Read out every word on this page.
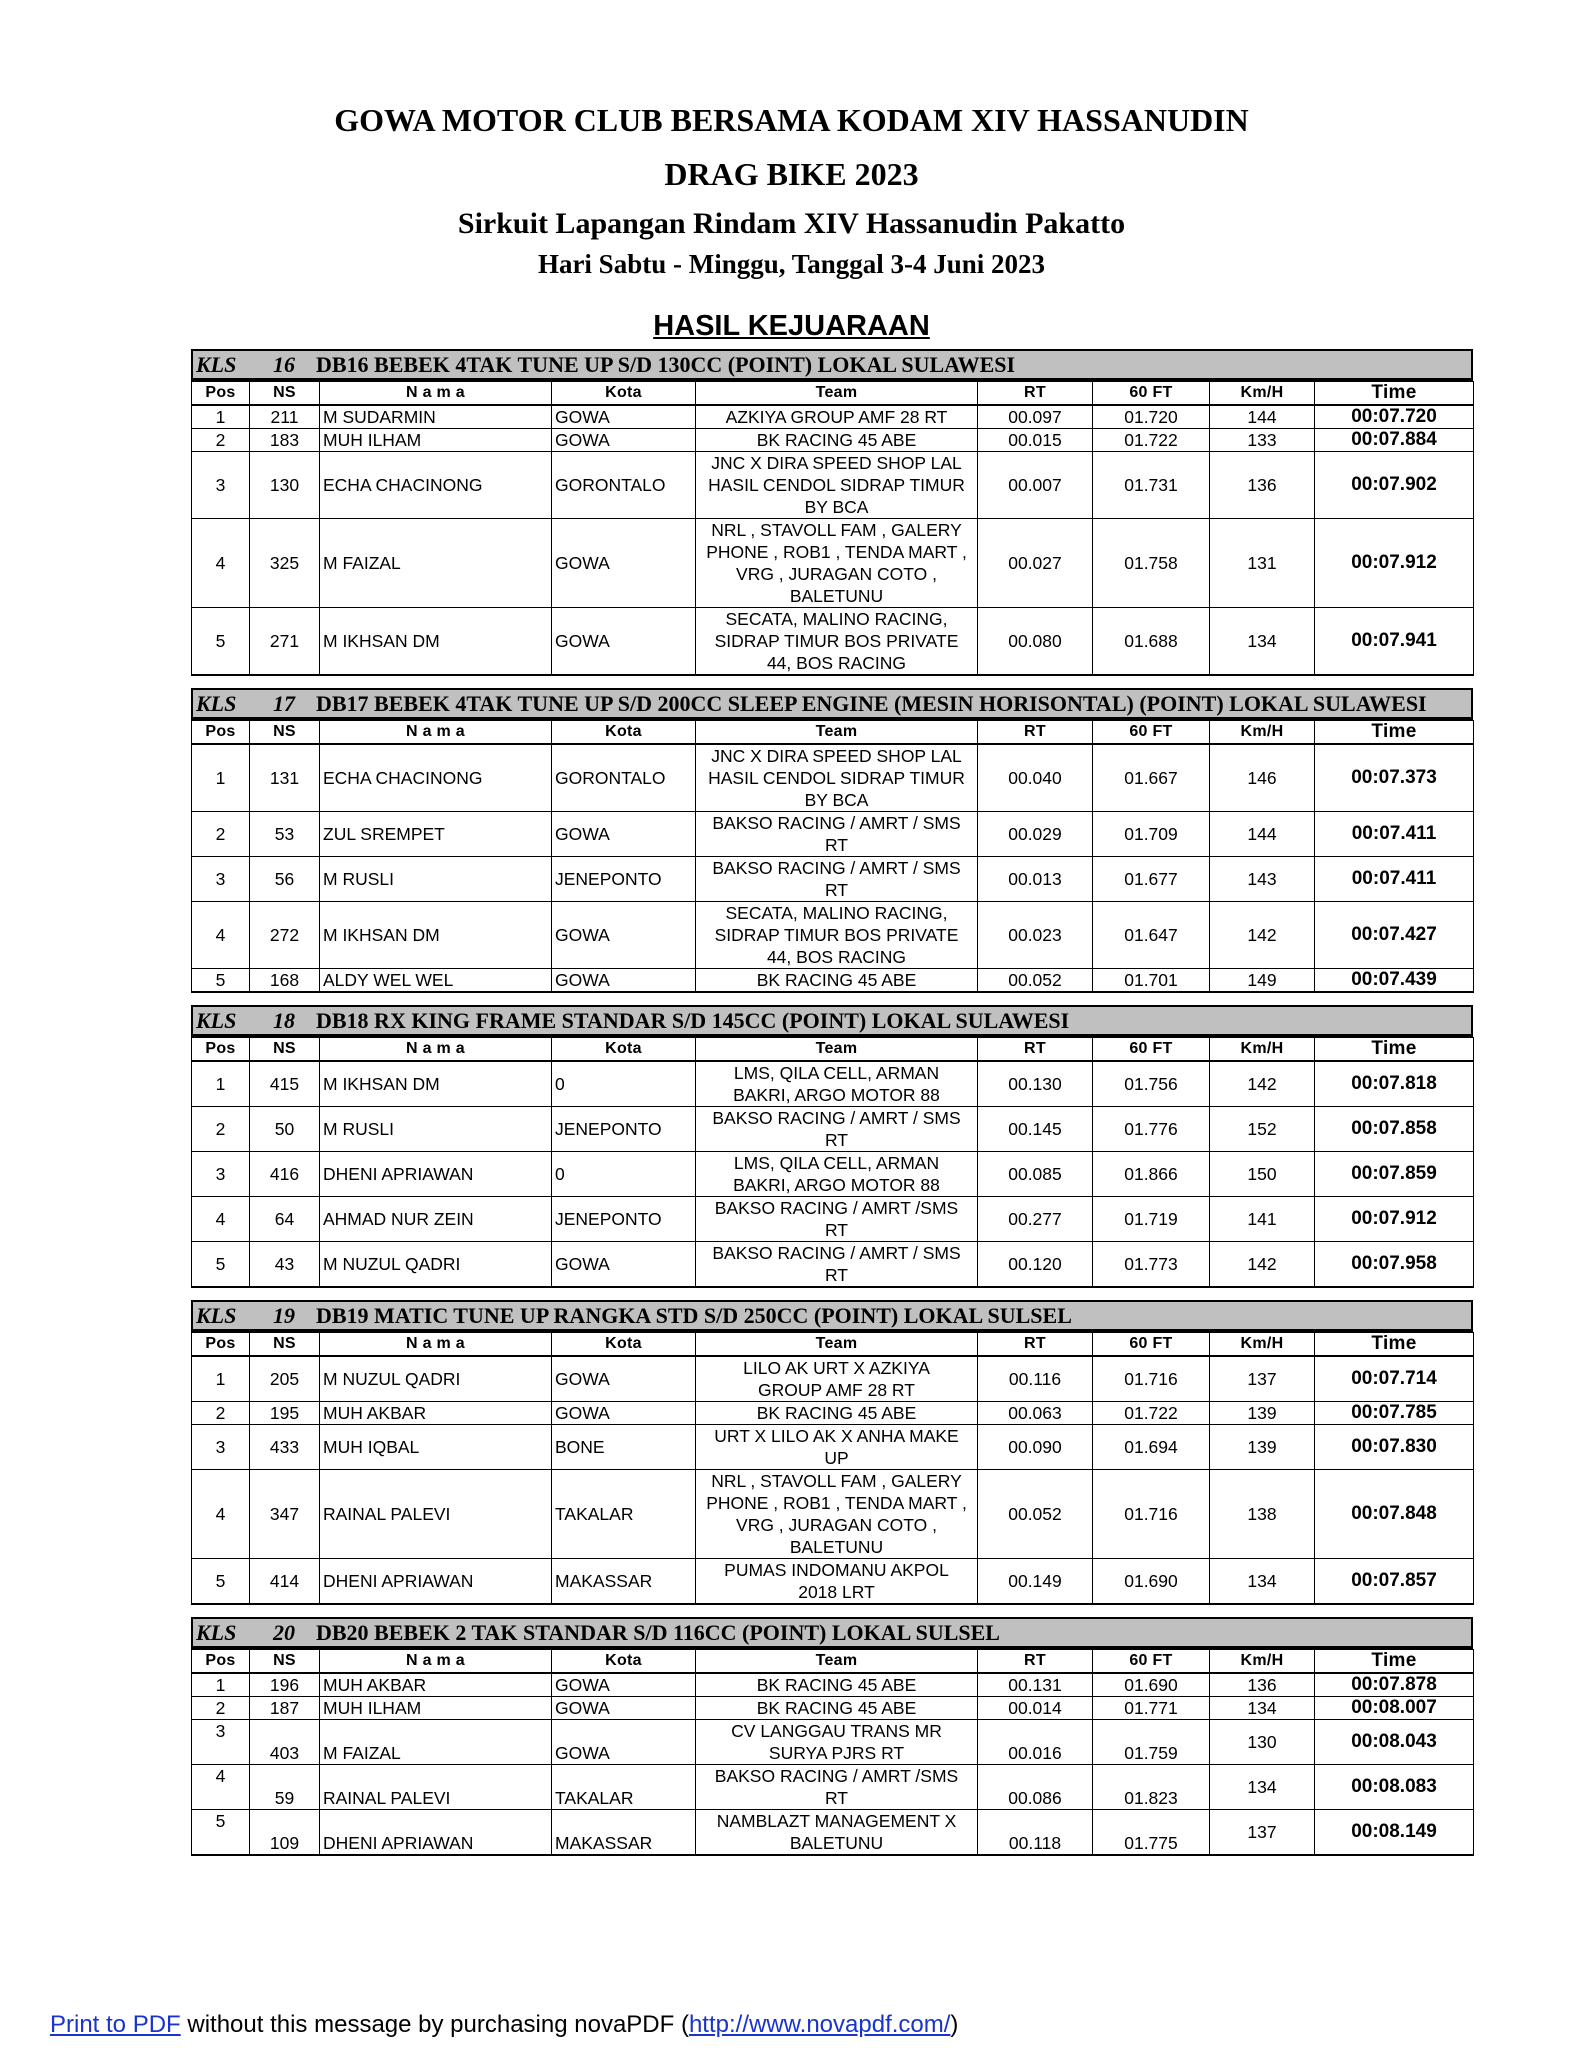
GOWA MOTOR CLUB BERSAMA KODAM XIV HASSANUDIN
DRAG BIKE 2023
Sirkuit Lapangan Rindam XIV Hassanudin Pakatto
Hari Sabtu - Minggu, Tanggal 3-4 Juni 2023
HASIL KEJUARAAN
KLS	16 DB16 BEBEK 4TAK TUNE UP S/D 130CC (POINT) LOKAL SULAWESI
Pos	NS	N a m a	Kota	Team	RT	60 FT	Km/H	Time
1	211	M SUDARMIN	GOWA	AZKIYA GROUP AMF 28 RT	00.097	01.720	144	00:07.720
2	183	MUH ILHAM	GOWA	BK RACING 45 ABE	00.015	01.722	133	00:07.884
3	130	ECHA CHACINONG	GORONTALO	JNC X DIRA SPEED SHOP LAL
HASIL CENDOL SIDRAP TIMUR
BY BCA	00.007	01.731	136	00:07.902
4	325	M FAIZAL	GOWA	NRL , STAVOLL FAM , GALERY
PHONE , ROB1 , TENDA MART ,
VRG , JURAGAN COTO ,
BALETUNU	00.027	01.758	131	00:07.912
5	271	M IKHSAN DM	GOWA	SECATA, MALINO RACING,
SIDRAP TIMUR BOS PRIVATE
44, BOS RACING	00.080	01.688	134	00:07.941
KLS	17 DB17 BEBEK 4TAK TUNE UP S/D 200CC SLEEP ENGINE (MESIN HORISONTAL) (POINT) LOKAL SULAWESI
Pos	NS	N a m a	Kota	Team	RT	60 FT	Km/H	Time
1	131	ECHA CHACINONG	GORONTALO	JNC X DIRA SPEED SHOP LAL
HASIL CENDOL SIDRAP TIMUR
BY BCA	00.040	01.667	146	00:07.373
2	53	ZUL SREMPET	GOWA	BAKSO RACING / AMRT / SMS
RT	00.029	01.709	144	00:07.411
3	56	M RUSLI	JENEPONTO	BAKSO RACING / AMRT / SMS
RT	00.013	01.677	143	00:07.411
4	272	M IKHSAN DM	GOWA	SECATA, MALINO RACING,
SIDRAP TIMUR BOS PRIVATE
44, BOS RACING	00.023	01.647	142	00:07.427
5	168	ALDY WEL WEL	GOWA	BK RACING 45 ABE	00.052	01.701	149	00:07.439
KLS	18 DB18 RX KING FRAME STANDAR S/D 145CC (POINT) LOKAL SULAWESI
Pos	NS	N a m a	Kota	Team	RT	60 FT	Km/H	Time
1	415	M IKHSAN DM	0	LMS, QILA CELL, ARMAN
BAKRI, ARGO MOTOR 88	00.130	01.756	142	00:07.818
2	50	M RUSLI	JENEPONTO	BAKSO RACING / AMRT / SMS
RT	00.145	01.776	152	00:07.858
3	416	DHENI APRIAWAN	0	LMS, QILA CELL, ARMAN
BAKRI, ARGO MOTOR 88	00.085	01.866	150	00:07.859
4	64	AHMAD NUR ZEIN	JENEPONTO	BAKSO RACING / AMRT /SMS
RT	00.277	01.719	141	00:07.912
5	43	M NUZUL QADRI	GOWA	BAKSO RACING / AMRT / SMS
RT	00.120	01.773	142	00:07.958
KLS	19 DB19 MATIC TUNE UP RANGKA STD S/D 250CC (POINT) LOKAL SULSEL
Pos	NS	N a m a	Kota	Team	RT	60 FT	Km/H	Time
1	205	M NUZUL QADRI	GOWA	LILO AK URT X AZKIYA
GROUP AMF 28 RT	00.116	01.716	137	00:07.714
2	195	MUH AKBAR	GOWA	BK RACING 45 ABE	00.063	01.722	139	00:07.785
3	433	MUH IQBAL	BONE	URT X LILO AK X ANHA MAKE
UP	00.090	01.694	139	00:07.830
4	347	RAINAL PALEVI	TAKALAR	NRL , STAVOLL FAM , GALERY
PHONE , ROB1 , TENDA MART ,
VRG , JURAGAN COTO ,
BALETUNU	00.052	01.716	138	00:07.848
5	414	DHENI APRIAWAN	MAKASSAR	PUMAS INDOMANU AKPOL
2018 LRT	00.149	01.690	134	00:07.857
KLS	20 DB20 BEBEK 2 TAK STANDAR S/D 116CC (POINT) LOKAL SULSEL
Pos	NS	N a m a	Kota	Team	RT	60 FT	Km/H	Time
1	196	MUH AKBAR	GOWA	BK RACING 45 ABE	00.131	01.690	136	00:07.878
2	187	MUH ILHAM	GOWA	BK RACING 45 ABE	00.014	01.771	134	00:08.007
3	403	M FAIZAL	GOWA	CV LANGGAU TRANS MR
SURYA PJRS RT	00.016	01.759	130	00:08.043
4	59	RAINAL PALEVI	TAKALAR	BAKSO RACING / AMRT /SMS
RT	00.086	01.823	134	00:08.083
5	109	DHENI APRIAWAN	MAKASSAR	NAMBLAZT MANAGEMENT X
BALETUNU	00.118	01.775	137	00:08.149
Print to PDF without this message by purchasing novaPDF (http://www.novapdf.com/)
